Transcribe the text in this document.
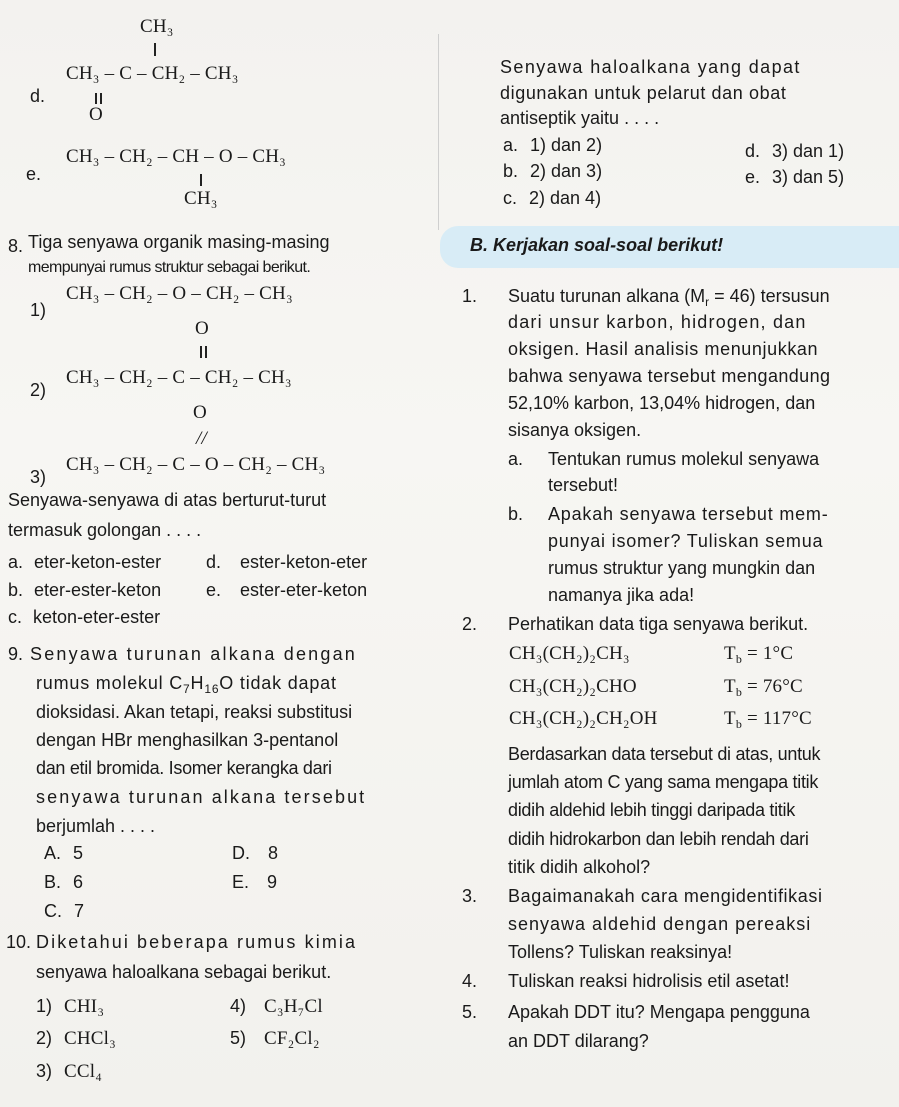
d.
CH₃
CH₃ – C – CH₂ – CH₃
O
e.
CH₃ – CH₂ – CH – O – CH₃
CH₃
8. Tiga senyawa organik masing-masing
mempunyai rumus struktur sebagai berikut.
1)
CH₃ – CH₂ – O – CH₂ – CH₃
O
2)
CH₃ – CH₂ – C – CH₂ – CH₃
O
//
3)
CH₃ – CH₂ – C – O – CH₂ – CH₃
Senyawa-senyawa di atas berturut-turut
termasuk golongan . . . .
a. eter-keton-ester
b. eter-ester-keton
c. keton-eter-ester
d. ester-keton-eter
e. ester-eter-keton
9. Senyawa turunan alkana dengan
rumus molekul $C_7H_{16}O$ tidak dapat
dioksidasi. Akan tetapi, reaksi substitusi
dengan HBr menghasilkan 3-pentanol
dan etil bromida. Isomer kerangka dari
senyawa turunan alkana tersebut
berjumlah . . . .
A. 5
B. 6
C. 7
D. 8
E. 9
10. Diketahui beberapa rumus kimia
senyawa haloalkana sebagai berikut.
1) CHI₃
2) CHCl₃
3) CCl₄
4) C₃H₇Cl
5) CF₂Cl₂
Senyawa haloalkana yang dapat
digunakan untuk pelarut dan obat
antiseptik yaitu . . . .
a. 1) dan 2)
b. 2) dan 3)
c. 2) dan 4)
d. 3) dan 1)
e. 3) dan 5)
B. Kerjakan soal-soal berikut!
1. Suatu turunan alkana $(M_r = 46)$ tersusun
dari unsur karbon, hidrogen, dan
oksigen. Hasil analisis menunjukkan
bahwa senyawa tersebut mengandung
52,10% karbon, 13,04% hidrogen, dan
sisanya oksigen.
a. Tentukan rumus molekul senyawa
tersebut!
b. Apakah senyawa tersebut mem-
punyai isomer? Tuliskan semua
rumus struktur yang mungkin dan
namanya jika ada!
2. Perhatikan data tiga senyawa berikut.
CH₃(CH₂)₂CH₃	$T_b = 1^\circ C$
CH₃(CH₂)₂CHO	$T_b = 76^\circ C$
CH₃(CH₂)₂CH₂OH	$T_b = 117^\circ C$
Berdasarkan data tersebut di atas, untuk
jumlah atom C yang sama mengapa titik
didih aldehid lebih tinggi daripada titik
didih hidrokarbon dan lebih rendah dari
titik didih alkohol?
3. Bagaimanakah cara mengidentifikasi
senyawa aldehid dengan pereaksi
Tollens? Tuliskan reaksinya!
4. Tuliskan reaksi hidrolisis etil asetat!
5. Apakah DDT itu? Mengapa pengguna
an DDT dilarang?
